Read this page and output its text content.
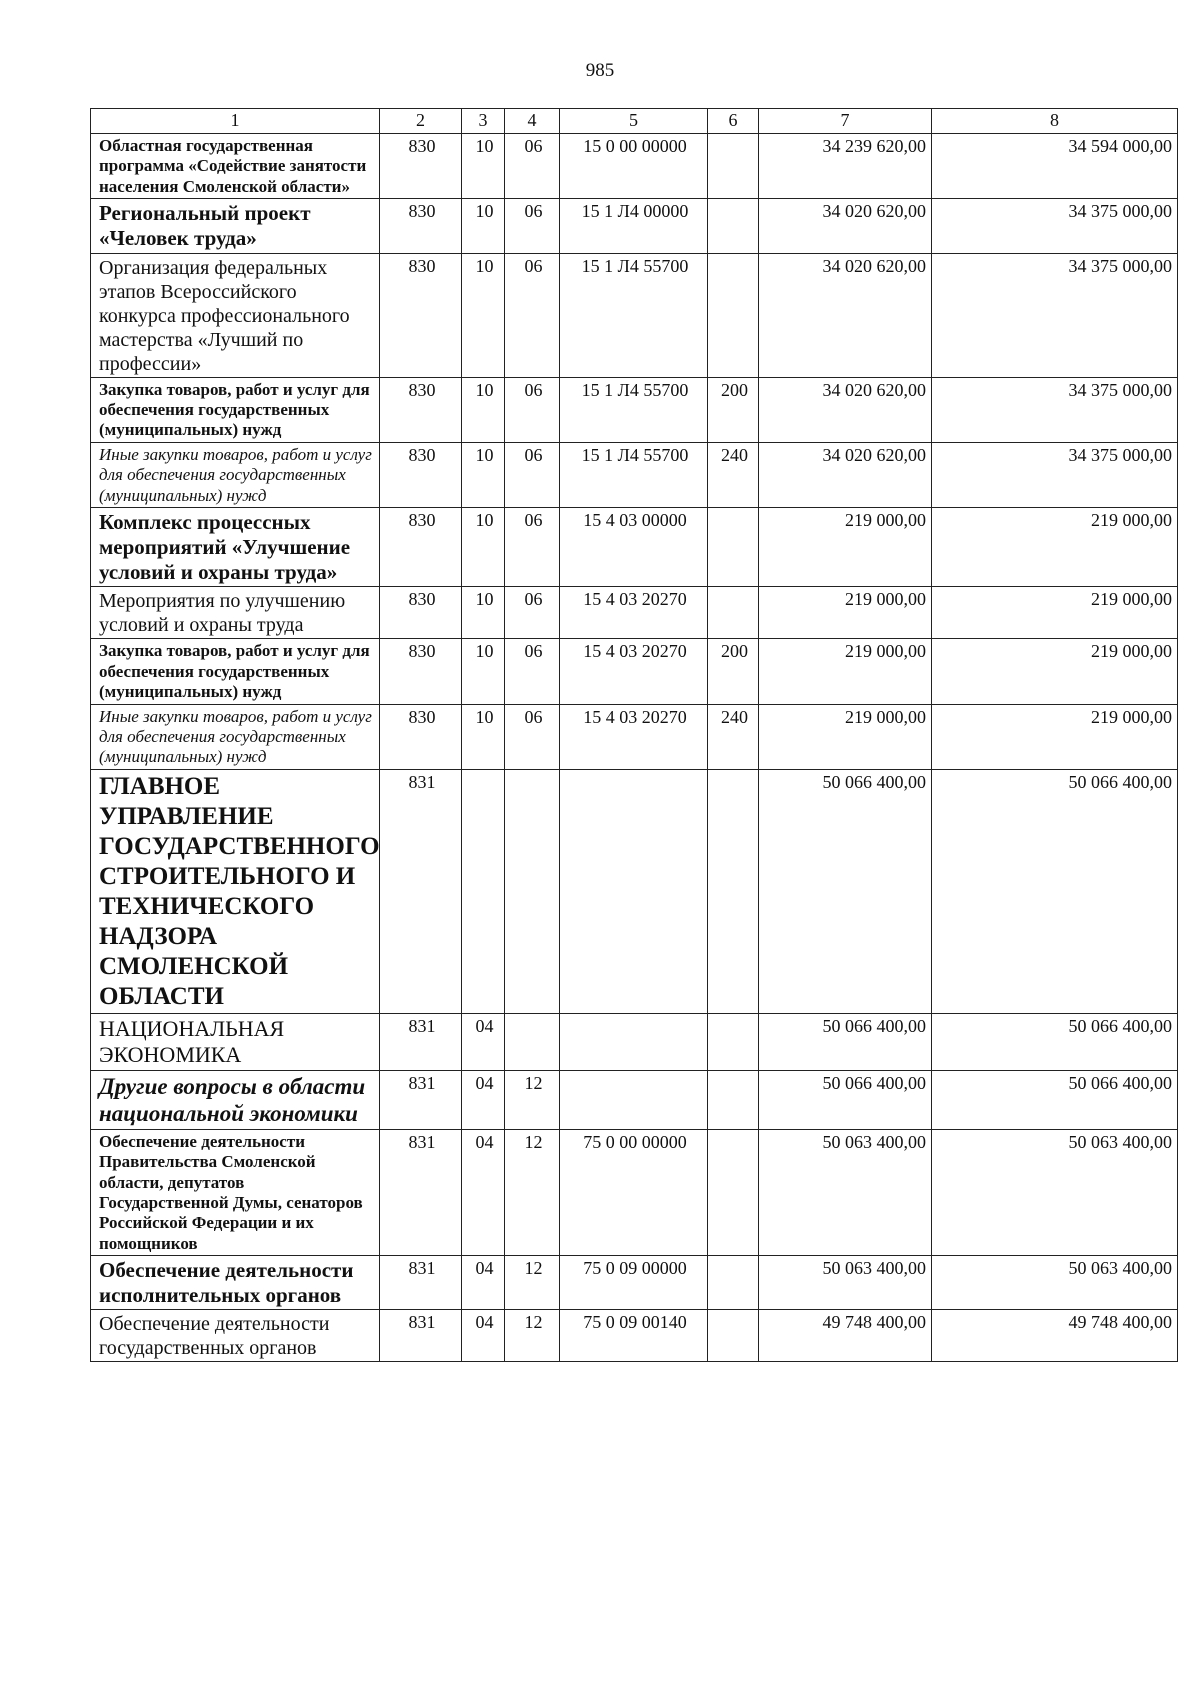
985
1	2	3	4	5	6	7	8
Областная государственная программа «Содействие занятости населения Смоленской области»	830	10	06	15 0 00 00000		34 239 620,00	34 594 000,00
Региональный проект «Человек труда»	830	10	06	15 1 Л4 00000		34 020 620,00	34 375 000,00
Организация федеральных этапов Всероссийского конкурса профессионального мастерства «Лучший по профессии»	830	10	06	15 1 Л4 55700		34 020 620,00	34 375 000,00
Закупка товаров, работ и услуг для обеспечения государственных (муниципальных) нужд	830	10	06	15 1 Л4 55700	200	34 020 620,00	34 375 000,00
Иные закупки товаров, работ и услуг для обеспечения государственных (муниципальных) нужд	830	10	06	15 1 Л4 55700	240	34 020 620,00	34 375 000,00
Комплекс процессных мероприятий «Улучшение условий и охраны труда»	830	10	06	15 4 03 00000		219 000,00	219 000,00
Мероприятия по улучшению условий и охраны труда	830	10	06	15 4 03 20270		219 000,00	219 000,00
Закупка товаров, работ и услуг для обеспечения государственных (муниципальных) нужд	830	10	06	15 4 03 20270	200	219 000,00	219 000,00
Иные закупки товаров, работ и услуг для обеспечения государственных (муниципальных) нужд	830	10	06	15 4 03 20270	240	219 000,00	219 000,00
ГЛАВНОЕ УПРАВЛЕНИЕ ГОСУДАРСТВЕННОГО СТРОИТЕЛЬНОГО И ТЕХНИЧЕСКОГО НАДЗОРА СМОЛЕНСКОЙ ОБЛАСТИ	831					50 066 400,00	50 066 400,00
НАЦИОНАЛЬНАЯ ЭКОНОМИКА	831	04				50 066 400,00	50 066 400,00
Другие вопросы в области национальной экономики	831	04	12			50 066 400,00	50 066 400,00
Обеспечение деятельности Правительства Смоленской области, депутатов Государственной Думы, сенаторов Российской Федерации и их помощников	831	04	12	75 0 00 00000		50 063 400,00	50 063 400,00
Обеспечение деятельности исполнительных органов	831	04	12	75 0 09 00000		50 063 400,00	50 063 400,00
Обеспечение деятельности государственных органов	831	04	12	75 0 09 00140		49 748 400,00	49 748 400,00
